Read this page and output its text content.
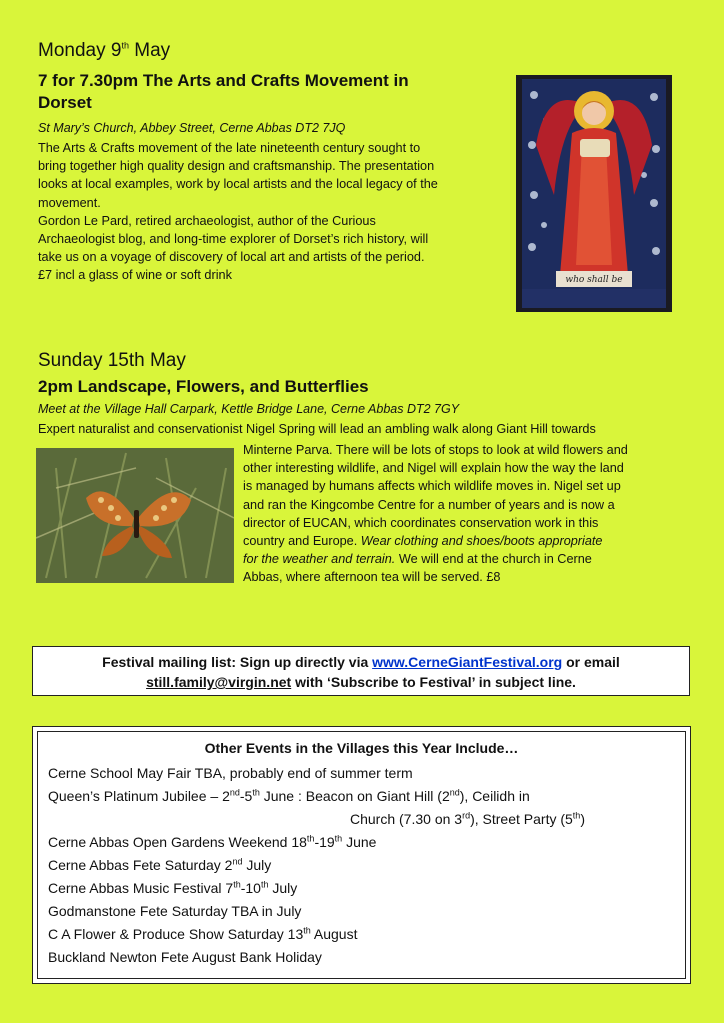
Monday 9th May
7 for 7.30pm The Arts and Crafts Movement in
Dorset
St Mary’s Church, Abbey Street, Cerne Abbas DT2 7JQ
The Arts & Crafts movement of the late nineteenth century sought to
bring together high quality design and craftsmanship. The presentation
looks at local examples, work by local artists and the local legacy of the
movement.
Gordon Le Pard, retired archaeologist, author of the Curious
Archaeologist blog, and long-time explorer of Dorset’s rich history, will
take us on a voyage of discovery of local art and artists of the period.
£7 incl a glass of wine or soft drink	who shall be
Sunday 15th May
2pm Landscape, Flowers, and Butterflies
Meet at the Village Hall Carpark, Kettle Bridge Lane, Cerne Abbas DT2 7GY
Expert naturalist and conservationist Nigel Spring will lead an ambling walk along Giant Hill towards
Minterne Parva. There will be lots of stops to look at wild flowers and
other interesting wildlife, and Nigel will explain how the way the land
is managed by humans affects which wildlife moves in. Nigel set up
and ran the Kingcombe Centre for a number of years and is now a
director of EUCAN, which coordinates conservation work in this
country and Europe. Wear clothing and shoes/boots appropriate
for the weather and terrain. We will end at the church in Cerne
Abbas, where afternoon tea will be served. £8
Festival mailing list: Sign up directly via www.CerneGiantFestival.org or email
still.family@virgin.net with ‘Subscribe to Festival’ in subject line.
Other Events in the Villages this Year Include…
Cerne School May Fair TBA, probably end of summer term
Queen’s Platinum Jubilee – 2nd-5th June : Beacon on Giant Hill (2nd), Ceilidh in
Church (7.30 on 3rd), Street Party (5th)
Cerne Abbas Open Gardens Weekend 18th-19th June
Cerne Abbas Fete Saturday 2nd July
Cerne Abbas Music Festival 7th-10th July
Godmanstone Fete Saturday TBA in July
C A Flower & Produce Show Saturday 13th August
Buckland Newton Fete August Bank Holiday
